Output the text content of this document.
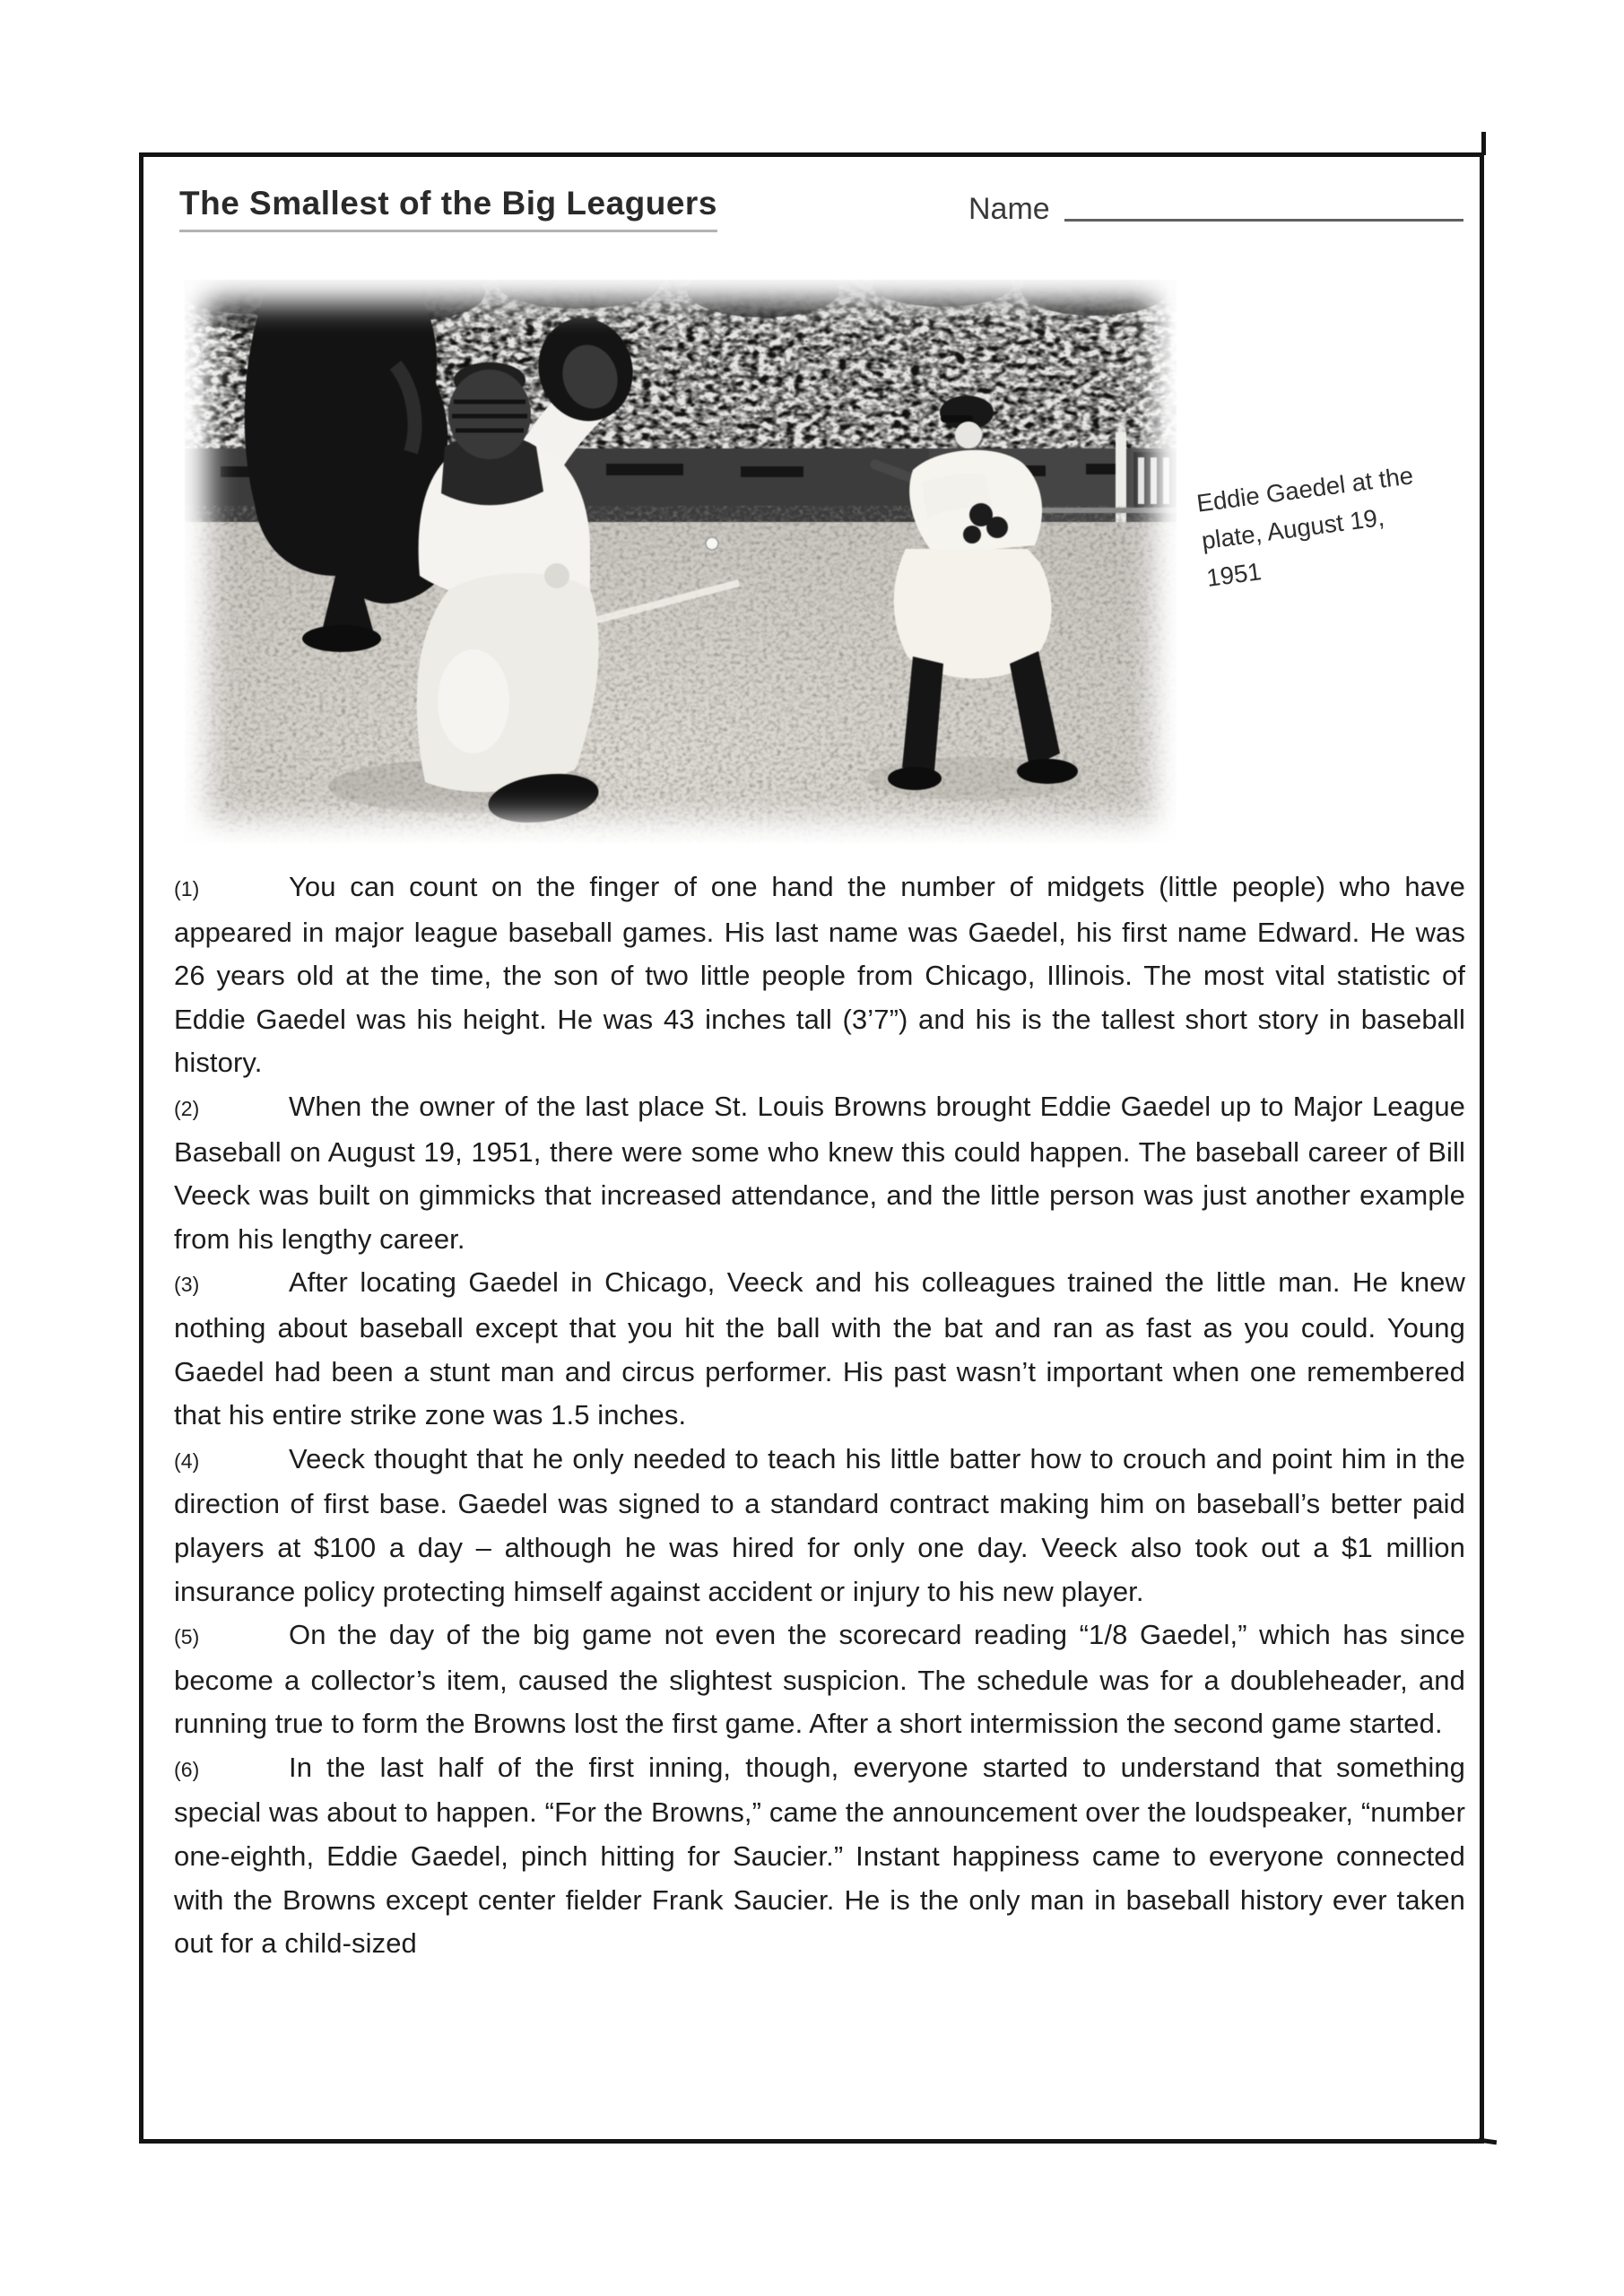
The Smallest of the Big Leaguers	Name
Eddie Gaedel at the
plate, August 19,
1951

(1)	You can count on the finger of one hand the number of midgets (little people) who have appeared in major league baseball games. His last name was Gaedel, his first name Edward. He was 26 years old at the time, the son of two little people from Chicago, Illinois. The most vital statistic of Eddie Gaedel was his height. He was 43 inches tall (3’7”) and his is the tallest short story in baseball history.

(2)	When the owner of the last place St. Louis Browns brought Eddie Gaedel up to Major League Baseball on August 19, 1951, there were some who knew this could happen. The baseball career of Bill Veeck was built on gimmicks that increased attendance, and the little person was just another example from his lengthy career.

(3)	After locating Gaedel in Chicago, Veeck and his colleagues trained the little man. He knew nothing about baseball except that you hit the ball with the bat and ran as fast as you could. Young Gaedel had been a stunt man and circus performer. His past wasn’t important when one remembered that his entire strike zone was 1.5 inches.

(4)	Veeck thought that he only needed to teach his little batter how to crouch and point him in the direction of first base. Gaedel was signed to a standard contract making him on baseball’s better paid players at $100 a day – although he was hired for only one day. Veeck also took out a $1 million insurance policy protecting himself against accident or injury to his new player.

(5)	On the day of the big game not even the scorecard reading “1/8 Gaedel,” which has since become a collector’s item, caused the slightest suspicion. The schedule was for a doubleheader, and running true to form the Browns lost the first game. After a short intermission the second game started.

(6)	In the last half of the first inning, though, everyone started to understand that something special was about to happen. “For the Browns,” came the announcement over the loudspeaker, “number one-eighth, Eddie Gaedel, pinch hitting for Saucier.” Instant happiness came to everyone connected with the Browns except center fielder Frank Saucier. He is the only man in baseball history ever taken out for a child-sized
